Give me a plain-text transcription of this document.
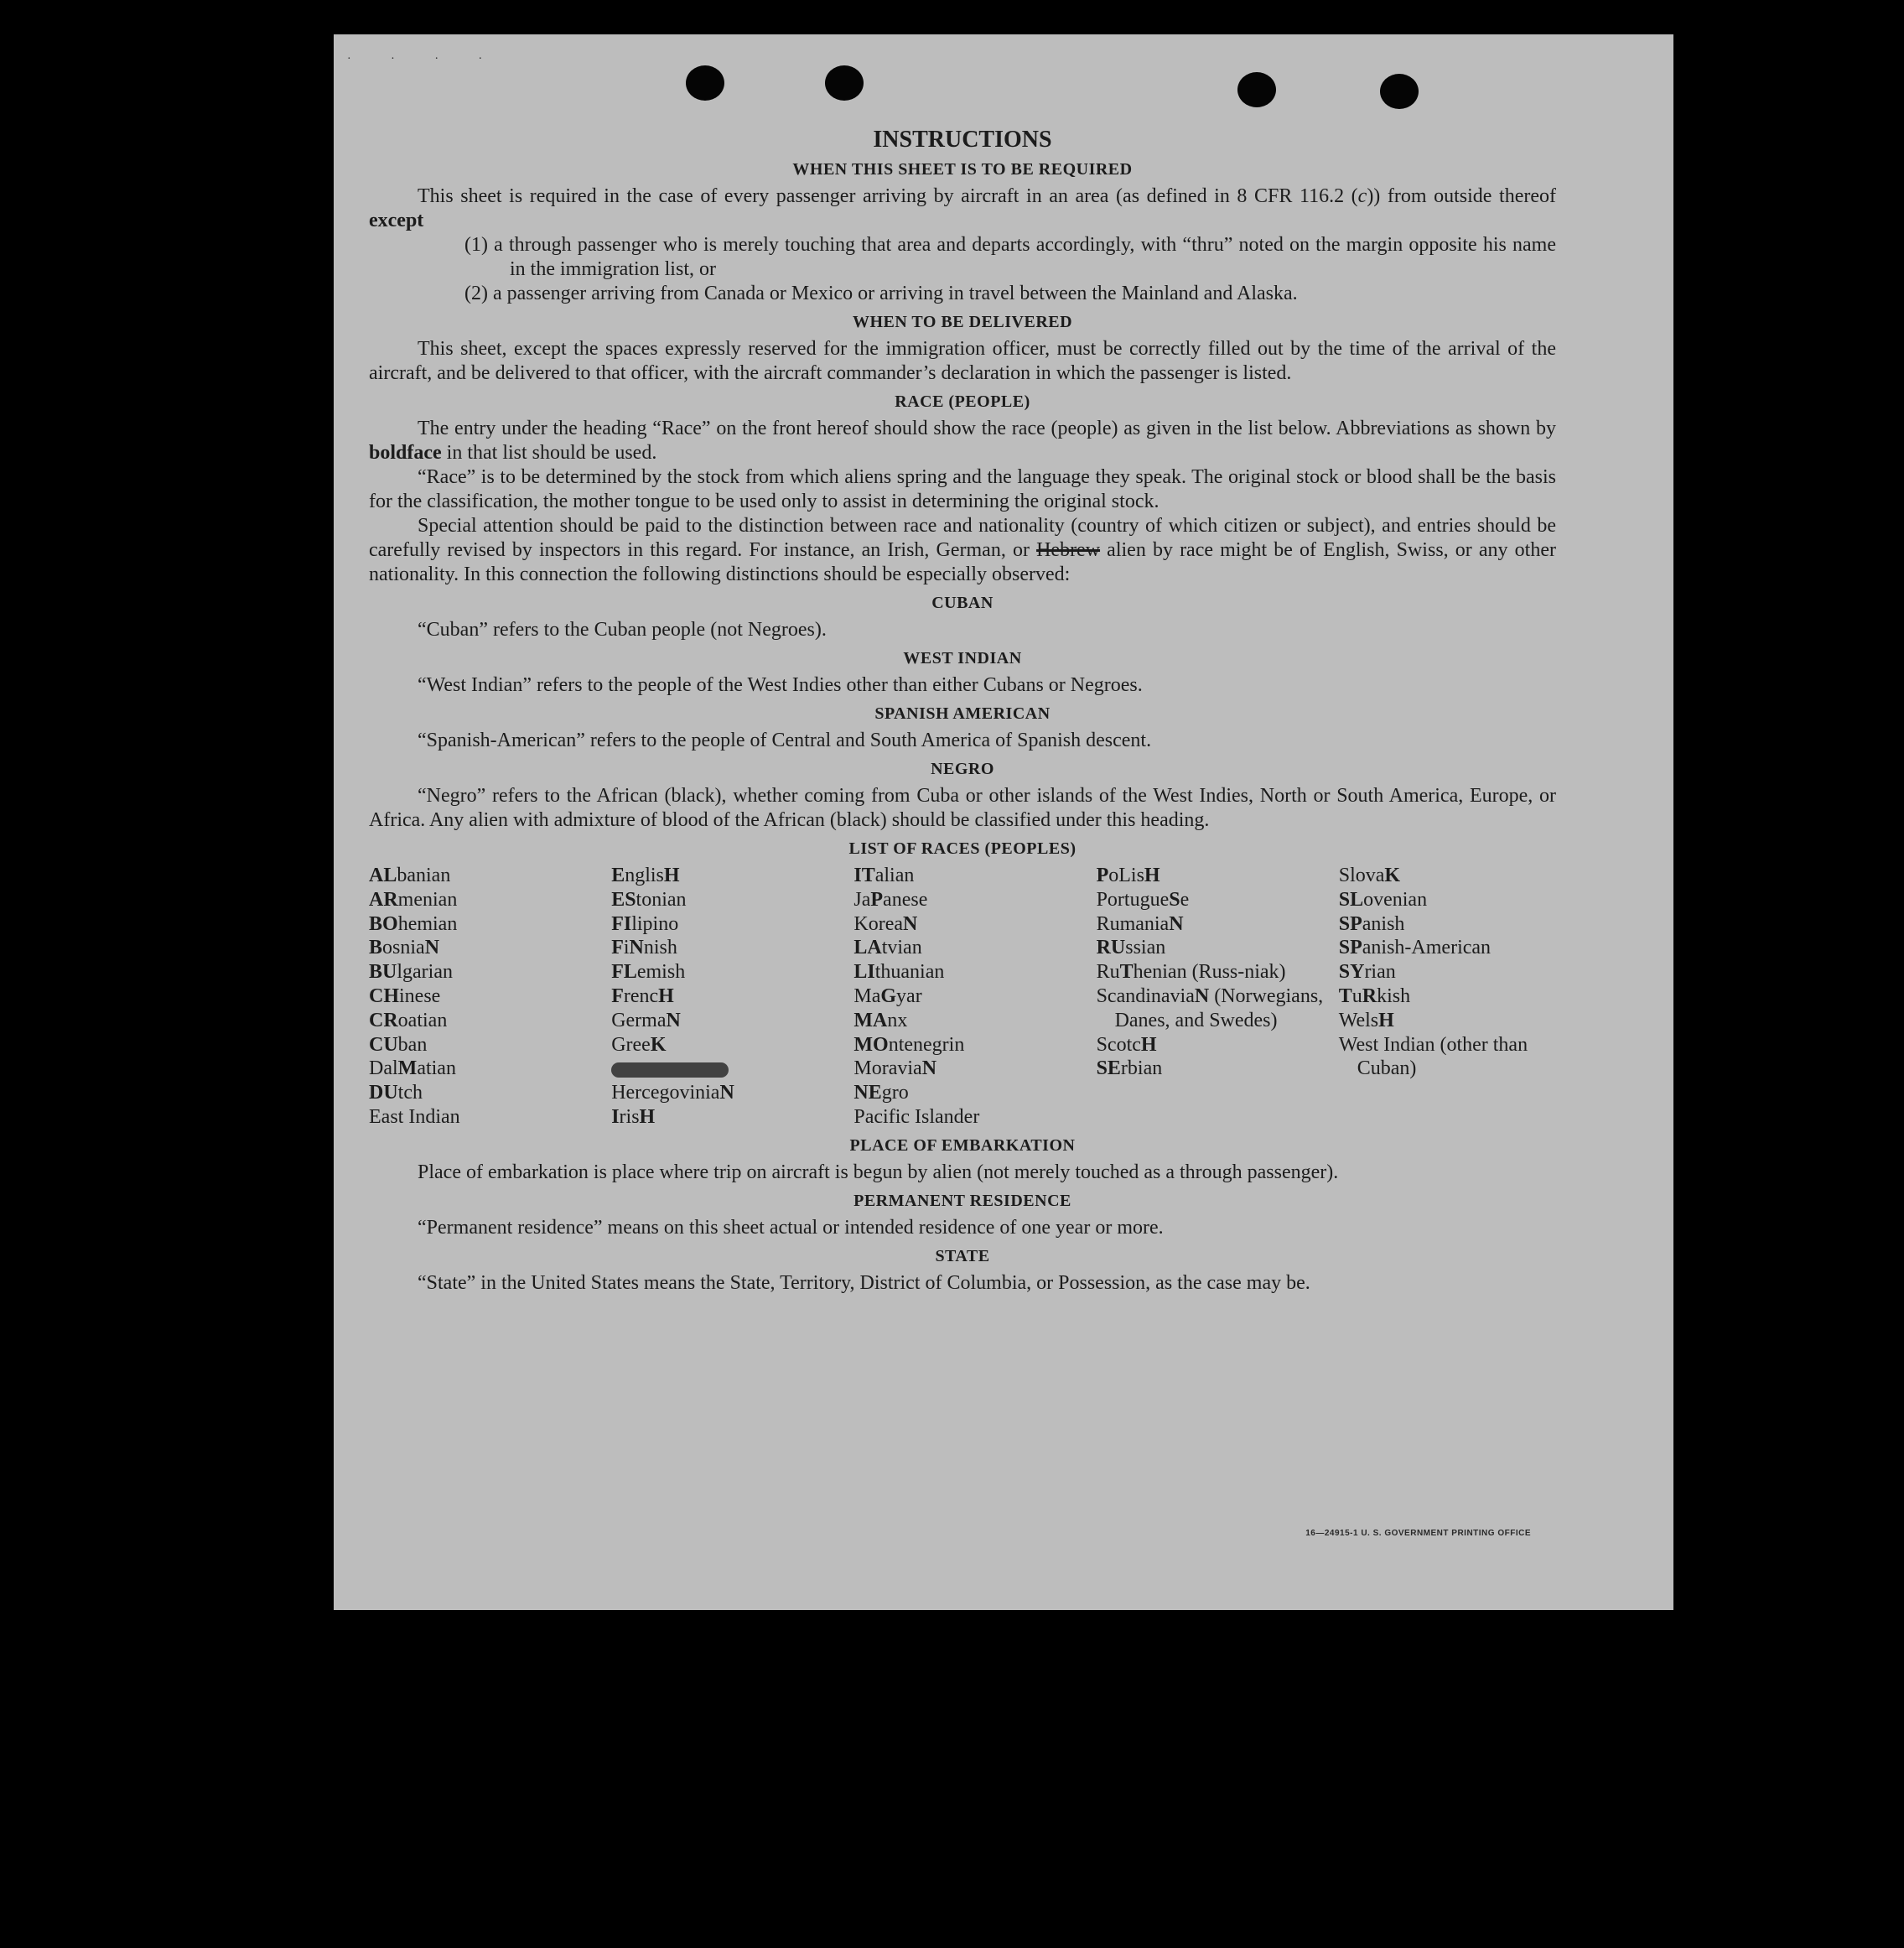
· · · ·
INSTRUCTIONS
WHEN THIS SHEET IS TO BE REQUIRED

This sheet is required in the case of every passenger arriving by aircraft in an area (as defined in 8 CFR 116.2 (c)) from outside thereof except

(1) a through passenger who is merely touching that area and departs accordingly, with “thru” noted on the margin opposite his name in the immigration list, or

(2) a passenger arriving from Canada or Mexico or arriving in travel between the Mainland and Alaska.

WHEN TO BE DELIVERED

This sheet, except the spaces expressly reserved for the immigration officer, must be correctly filled out by the time of the arrival of the aircraft, and be delivered to that officer, with the aircraft commander’s declaration in which the passenger is listed.

RACE (PEOPLE)

The entry under the heading “Race” on the front hereof should show the race (people) as given in the list below. Abbreviations as shown by boldface in that list should be used.

“Race” is to be determined by the stock from which aliens spring and the language they speak. The original stock or blood shall be the basis for the classification, the mother tongue to be used only to assist in determining the original stock.

Special attention should be paid to the distinction between race and nationality (country of which citizen or subject), and entries should be carefully revised by inspectors in this regard. For instance, an Irish, German, or Hebrew alien by race might be of English, Swiss, or any other nationality. In this connection the following distinctions should be especially observed:

CUBAN

“Cuban” refers to the Cuban people (not Negroes).

WEST INDIAN

“West Indian” refers to the people of the West Indies other than either Cubans or Negroes.

SPANISH AMERICAN

“Spanish-American” refers to the people of Central and South America of Spanish descent.

NEGRO

“Negro” refers to the African (black), whether coming from Cuba or other islands of the West Indies, North or South America, Europe, or Africa. Any alien with admixture of blood of the African (black) should be classified under this heading.

LIST OF RACES (PEOPLES)
ALbanian
ARmenian
BOhemian
BosniaN
BUlgarian
CHinese
CRoatian
CUban
DalMatian
DUtch
East Indian
EnglisH
EStonian
FIlipino
FiNnish
FLemish
FrencH
GermaN
GreeK
HercegoviniaN
IrisH
ITalian
JaPanese
KoreaN
LAtvian
LIthuanian
MaGyar
MAnx
MOntenegrin
MoraviaN
NEgro
Pacific Islander
PoLisH
PortugueSe
RumaniaN
RUssian
RuThenian (Russ-niak)
ScandinaviaN (Norwegians, Danes, and Swedes)
ScotcH
SErbian
SlovaK
SLovenian
SPanish
SPanish-American
SYrian
TuRkish
WelsH
West Indian (other than Cuban)
PLACE OF EMBARKATION

Place of embarkation is place where trip on aircraft is begun by alien (not merely touched as a through passenger).

PERMANENT RESIDENCE

“Permanent residence” means on this sheet actual or intended residence of one year or more.

STATE

“State” in the United States means the State, Territory, District of Columbia, or Possession, as the case may be.

16—24915-1 U. S. GOVERNMENT PRINTING OFFICE
